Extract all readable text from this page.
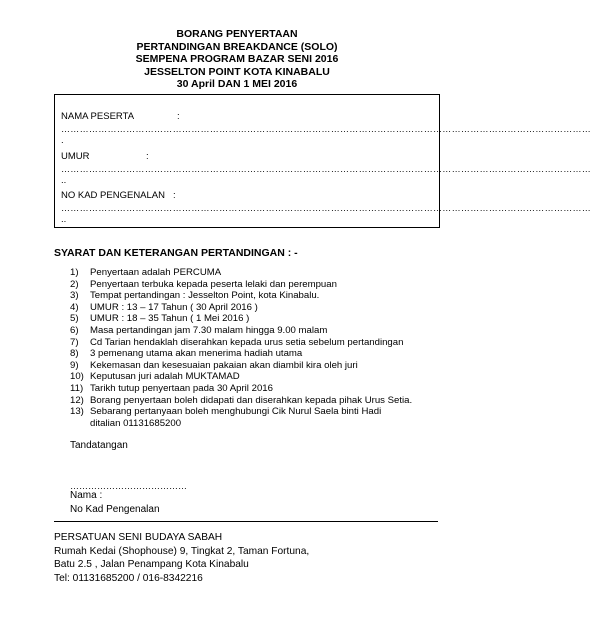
BORANG PENYERTAAN
PERTANDINGAN BREAKDANCE (SOLO)
SEMPENA PROGRAM BAZAR SENI 2016
JESSELTON POINT KOTA KINABALU
30 April DAN 1 MEI 2016
NAMA PESERTA	:
………………………………………………………………………………………………………………………………………………………
.
UMUR	:
………………………………………………………………………………………………………………………………………………………
..
NO KAD PENGENALAN :
………………………………………………………………………………………………………………………………………………………
..
SYARAT DAN KETERANGAN PERTANDINGAN : -
1) Penyertaan adalah PERCUMA
2) Penyertaan terbuka kepada peserta lelaki dan perempuan
3) Tempat pertandingan : Jesselton Point, kota Kinabalu.
4) UMUR : 13 – 17 Tahun ( 30 April 2016 )
5) UMUR : 18 – 35 Tahun ( 1 Mei 2016 )
6) Masa pertandingan jam 7.30 malam hingga 9.00 malam
7) Cd Tarian hendaklah diserahkan kepada urus setia sebelum pertandingan
8) 3 pemenang utama akan menerima hadiah utama
9) Kekemasan dan kesesuaian pakaian akan diambil kira oleh juri
10) Keputusan juri adalah MUKTAMAD
11) Tarikh tutup penyertaan pada 30 April 2016
12) Borang penyertaan boleh didapati dan diserahkan kepada pihak Urus Setia.
13) Sebarang pertanyaan boleh menghubungi Cik Nurul Saela binti Hadi
ditalian 01131685200
Tandatangan
…………………………………
Nama :
No Kad Pengenalan
PERSATUAN SENI BUDAYA SABAH
Rumah Kedai (Shophouse) 9, Tingkat 2, Taman Fortuna,
Batu 2.5 , Jalan Penampang Kota Kinabalu
Tel: 01131685200 / 016-8342216
